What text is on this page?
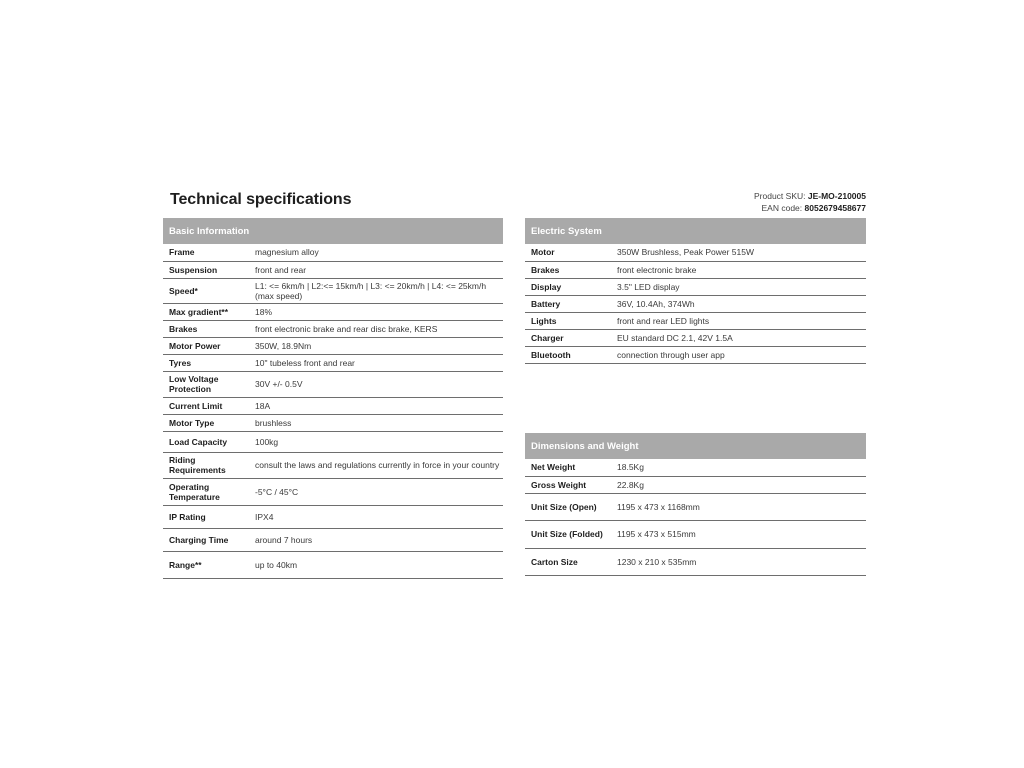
Technical specifications	Product SKU: JE-MO-210005
EAN code: 8052679458677
Basic Information	
Frame	magnesium alloy
Suspension	front and rear
Speed*	L1: <= 6km/h | L2:<= 15km/h | L3: <= 20km/h | L4: <= 25km/h (max speed)
Max gradient**	18%
Brakes	front electronic brake and rear disc brake, KERS
Motor Power	350W, 18.9Nm
Tyres	10" tubeless front and rear
Low Voltage Protection	30V +/- 0.5V
Current Limit	18A
Motor Type	brushless
Load Capacity	100kg
Riding Requirements	consult the laws and regulations currently in force in your country
Operating Temperature	-5°C / 45°C
IP Rating	IPX4
Charging Time	around 7 hours
Range**	up to 40km
Electric System	
Motor	350W Brushless, Peak Power 515W
Brakes	front electronic brake
Display	3.5" LED display
Battery	36V, 10.4Ah, 374Wh
Lights	front and rear LED lights
Charger	EU standard DC 2.1, 42V 1.5A
Bluetooth	connection through user app
Dimensions and Weight	
Net Weight	18.5Kg
Gross Weight	22.8Kg
Unit Size (Open)	1195 x 473 x 1168mm
Unit Size (Folded)	1195 x 473 x 515mm
Carton Size	1230 x 210 x 535mm
